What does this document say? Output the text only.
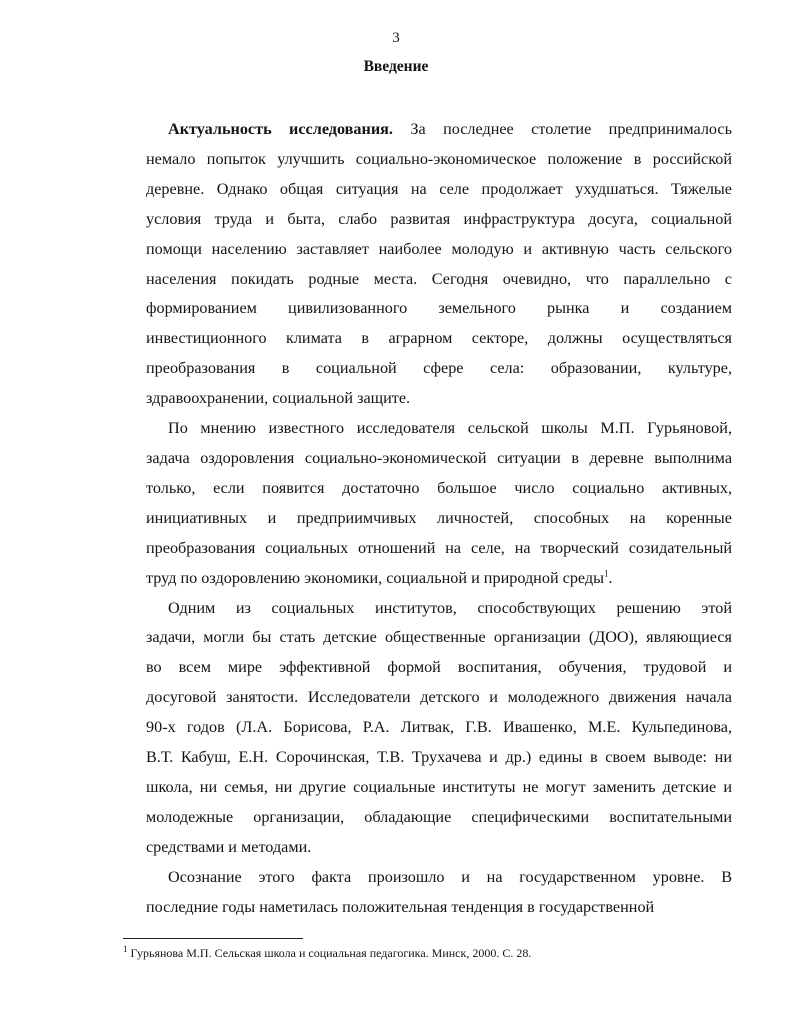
3
Введение
Актуальность исследования. За последнее столетие предпринималось
немало попыток улучшить социально-экономическое положение в российской
деревне. Однако общая ситуация на селе продолжает ухудшаться. Тяжелые
условия труда и быта, слабо развитая инфраструктура досуга, социальной
помощи населению заставляет наиболее молодую и активную часть сельского
населения покидать родные места. Сегодня очевидно, что параллельно с
формированием цивилизованного земельного рынка и созданием
инвестиционного климата в аграрном секторе, должны осуществляться
преобразования в социальной сфере села: образовании, культуре,
здравоохранении, социальной защите.
По мнению известного исследователя сельской школы М.П. Гурьяновой,
задача оздоровления социально-экономической ситуации в деревне выполнима
только, если появится достаточно большое число социально активных,
инициативных и предприимчивых личностей, способных на коренные
преобразования социальных отношений на селе, на творческий созидательный
труд по оздоровлению экономики, социальной и природной среды$^1$.
Одним из социальных институтов, способствующих решению этой
задачи, могли бы стать детские общественные организации (ДОО), являющиеся
во всем мире эффективной формой воспитания, обучения, трудовой и
досуговой занятости. Исследователи детского и молодежного движения начала
90-х годов (Л.А. Борисова, Р.А. Литвак, Г.В. Ивашенко, М.Е. Кульпединова,
В.Т. Кабуш, Е.Н. Сорочинская, Т.В. Трухачева и др.) едины в своем выводе: ни
школа, ни семья, ни другие социальные институты не могут заменить детские и
молодежные организации, обладающие специфическими воспитательными
средствами и методами.
Осознание этого факта произошло и на государственном уровне. В
последние годы наметилась положительная тенденция в государственной
$^1$ Гурьянова М.П. Сельская школа и социальная педагогика. Минск, 2000. С. 28.
